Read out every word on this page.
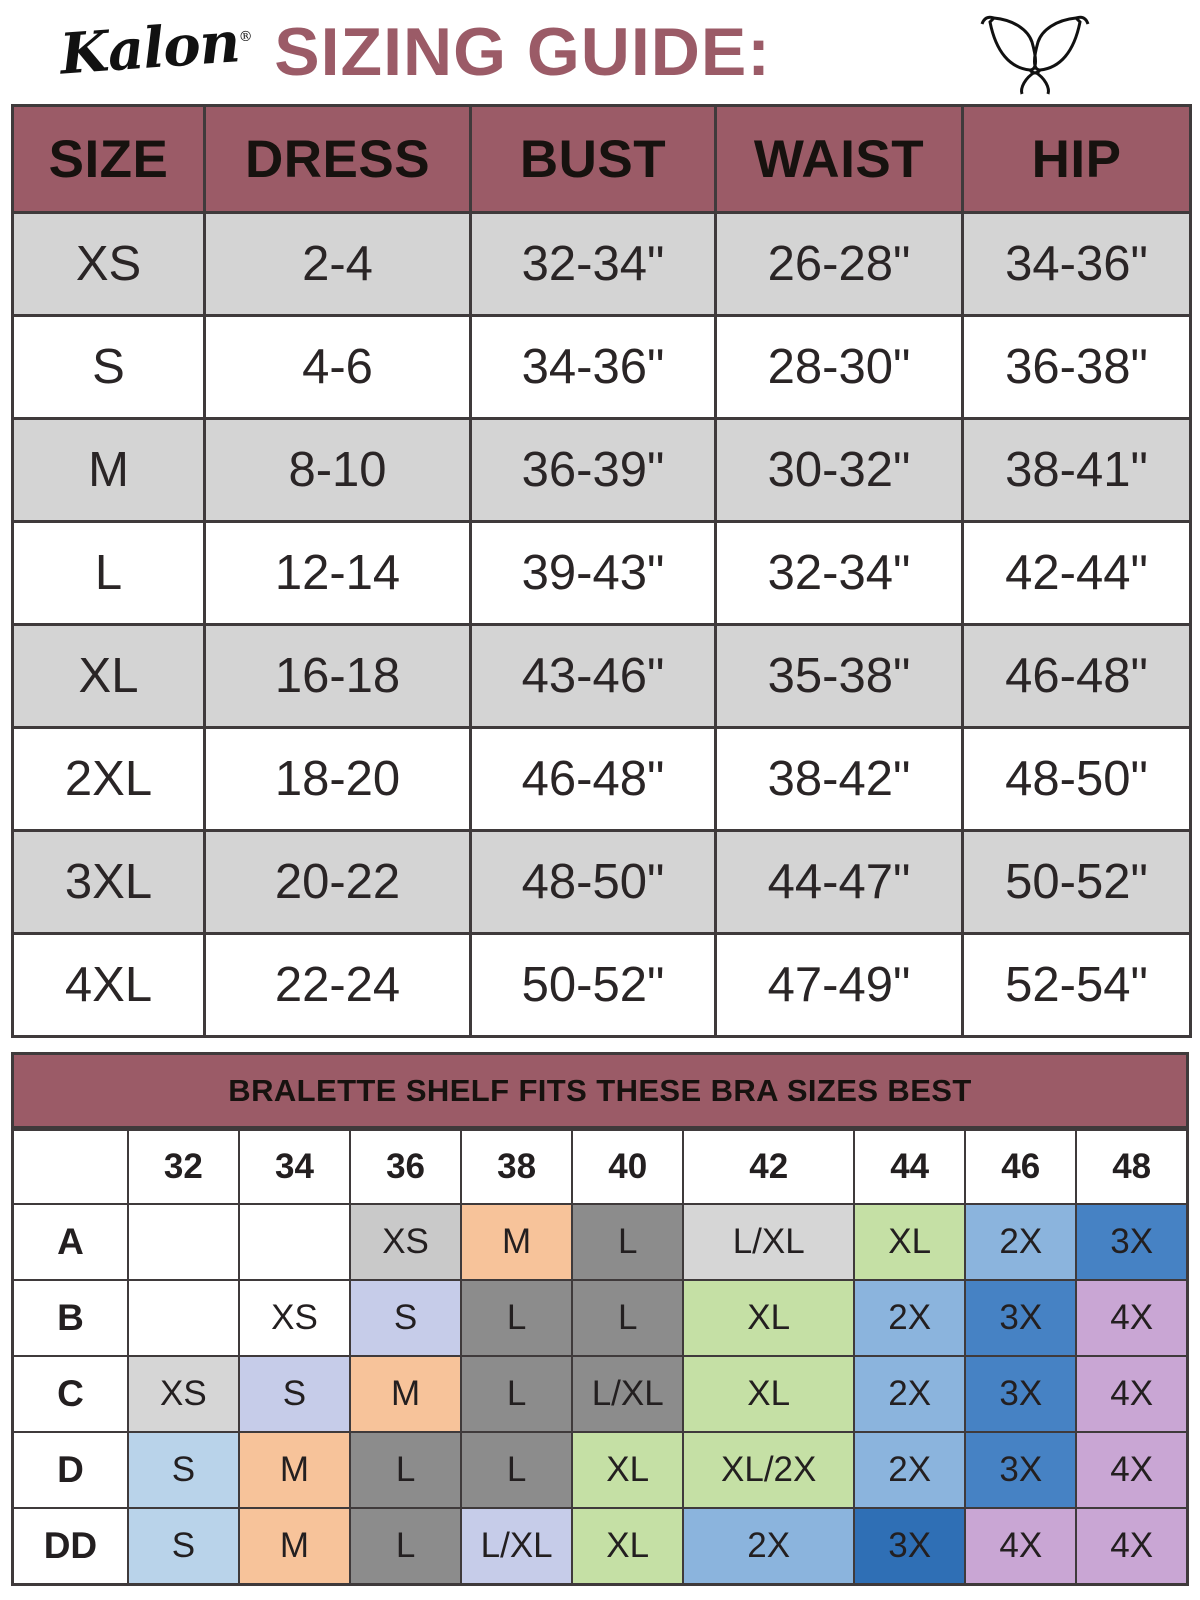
Kalon® SIZING GUIDE:
SIZE	DRESS	BUST	WAIST	HIP
XS	2-4	32-34"	26-28"	34-36"
S	4-6	34-36"	28-30"	36-38"
M	8-10	36-39"	30-32"	38-41"
L	12-14	39-43"	32-34"	42-44"
XL	16-18	43-46"	35-38"	46-48"
2XL	18-20	46-48"	38-42"	48-50"
3XL	20-22	48-50"	44-47"	50-52"
4XL	22-24	50-52"	47-49"	52-54"
BRALETTE SHELF FITS THESE BRA SIZES BEST
	32	34	36	38	40	42	44	46	48
A			XS	M	L	L/XL	XL	2X	3X
B		XS	S	L	L	XL	2X	3X	4X
C	XS	S	M	L	L/XL	XL	2X	3X	4X
D	S	M	L	L	XL	XL/2X	2X	3X	4X
DD	S	M	L	L/XL	XL	2X	3X	4X	4X
